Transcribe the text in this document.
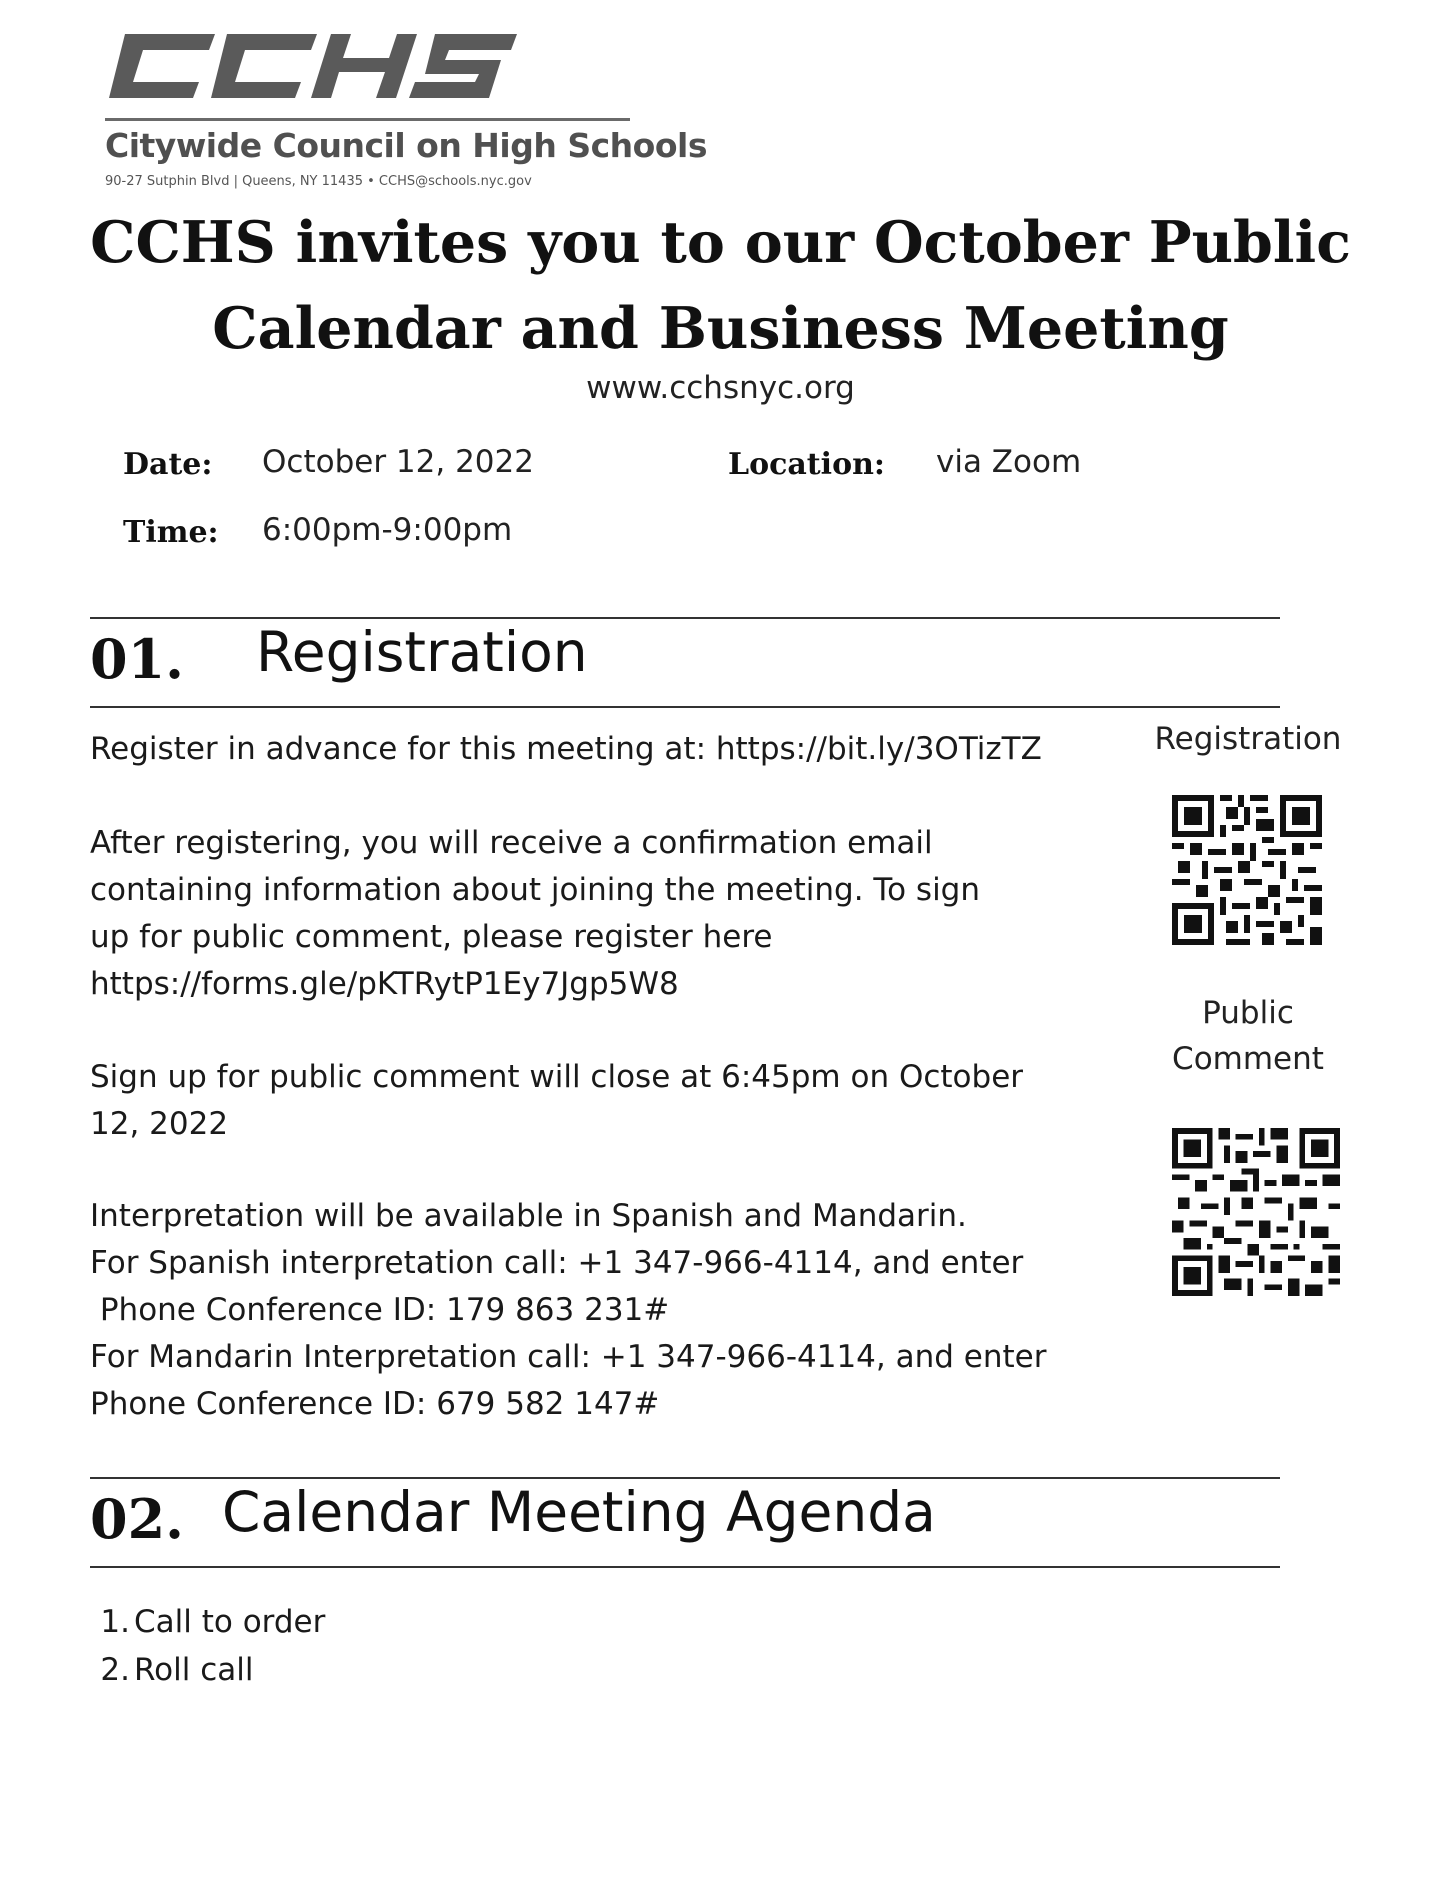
Citywide Council on High Schools
90-27 Sutphin Blvd | Queens, NY 11435 • CCHS@schools.nyc.gov
CCHS invites you to our October Public Calendar and Business Meeting
www.cchsnyc.org
Date: October 12, 2022	Location: via Zoom
Time: 6:00pm-9:00pm
01. Registration
Register in advance for this meeting at: https://bit.ly/3OTizTZ
After registering, you will receive a confirmation email
containing information about joining the meeting. To sign
up for public comment, please register here
https://forms.gle/pKTRytP1Ey7Jgp5W8
Sign up for public comment will close at 6:45pm on October
12, 2022
Interpretation will be available in Spanish and Mandarin.
For Spanish interpretation call: +1 347-966-4114, and enter
Phone Conference ID: 179 863 231#
For Mandarin Interpretation call: +1 347-966-4114, and enter
Phone Conference ID: 679 582 147#
Registration
Public
Comment
02. Calendar Meeting Agenda
1. Call to order
2. Roll call
